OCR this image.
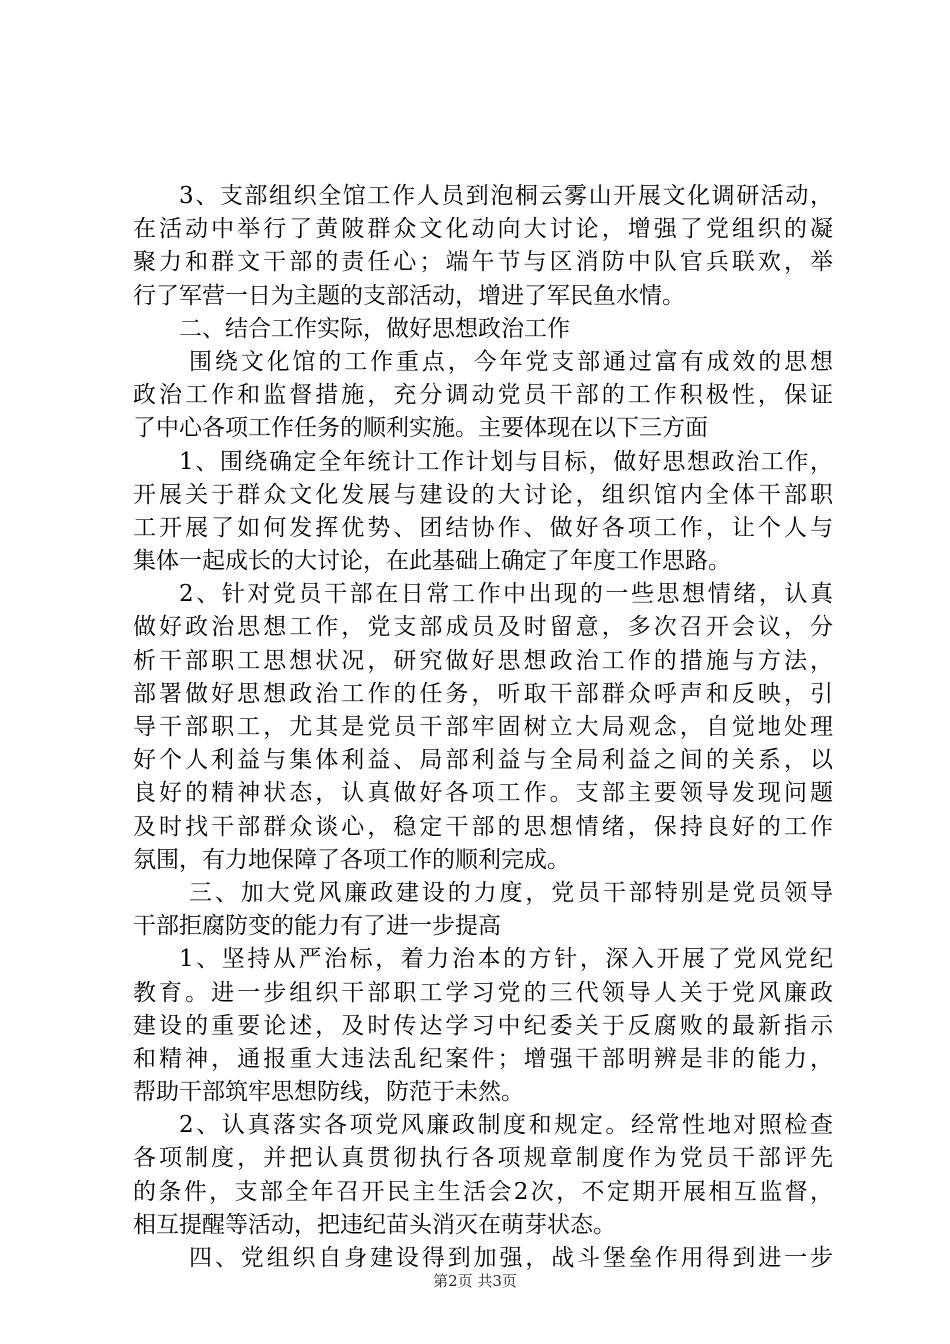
3、支部组织全馆工作人员到泡桐云雾山开展文化调研活动，
在活动中举行了黄陂群众文化动向大讨论，增强了党组织的凝
聚力和群文干部的责任心；端午节与区消防中队官兵联欢，举
行了军营一日为主题的支部活动，增进了军民鱼水情。
二、结合工作实际，做好思想政治工作
围绕文化馆的工作重点，今年党支部通过富有成效的思想
政治工作和监督措施，充分调动党员干部的工作积极性，保证
了中心各项工作任务的顺利实施。主要体现在以下三方面
1、围绕确定全年统计工作计划与目标，做好思想政治工作，
开展关于群众文化发展与建设的大讨论，组织馆内全体干部职
工开展了如何发挥优势、团结协作、做好各项工作，让个人与
集体一起成长的大讨论，在此基础上确定了年度工作思路。
2、针对党员干部在日常工作中出现的一些思想情绪，认真
做好政治思想工作，党支部成员及时留意，多次召开会议，分
析干部职工思想状况，研究做好思想政治工作的措施与方法，
部署做好思想政治工作的任务，听取干部群众呼声和反映，引
导干部职工，尤其是党员干部牢固树立大局观念，自觉地处理
好个人利益与集体利益、局部利益与全局利益之间的关系，以
良好的精神状态，认真做好各项工作。支部主要领导发现问题
及时找干部群众谈心，稳定干部的思想情绪，保持良好的工作
氛围，有力地保障了各项工作的顺利完成。
三、加大党风廉政建设的力度，党员干部特别是党员领导
干部拒腐防变的能力有了进一步提高
1、坚持从严治标，着力治本的方针，深入开展了党风党纪
教育。进一步组织干部职工学习党的三代领导人关于党风廉政
建设的重要论述，及时传达学习中纪委关于反腐败的最新指示
和精神，通报重大违法乱纪案件；增强干部明辨是非的能力，
帮助干部筑牢思想防线，防范于未然。
2、认真落实各项党风廉政制度和规定。经常性地对照检查
各项制度，并把认真贯彻执行各项规章制度作为党员干部评先
的条件，支部全年召开民主生活会2次，不定期开展相互监督，
相互提醒等活动，把违纪苗头消灭在萌芽状态。
四、党组织自身建设得到加强，战斗堡垒作用得到进一步
第2页 共3页
